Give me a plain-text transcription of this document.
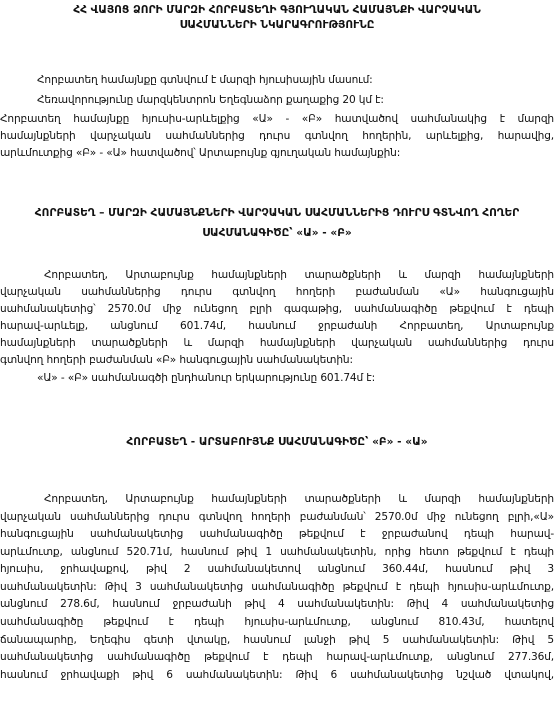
ՀՀ ՎԱՅՈՑ ՁՈՐԻ ՄԱՐԶԻ ՀՈՐԲԱՏԵՂԻ ԳՅՈՒՂԱԿԱՆ ՀԱՄԱՅՆՔԻ ՎԱՐՉԱԿԱՆ
ՍԱՀՄԱՆՆԵՐԻ ՆԿԱՐԱԳՐՈՒԹՅՈՒՆԸ
Հորբատեղ համայնքը գտնվում է մարզի հյուսիսային մասում:
Հեռավորությունը մարզկենտրոն Եղեգնաձոր քաղաքից 20 կմ է:
Հորբատեղ համայնքը հյուսիս-արևելքից «Ա» - «Բ» հատվածով սահմանակից է մարզի
համայնքների վարչական սահմաններից դուրս գտնվող հողերին, արևելքից, հարավից,
արևմուտքից «Բ» - «Ա» հատվածով՝ Արտաբույնք գյուղական համայնքին:
ՀՈՐԲԱՏԵՂ – ՄԱՐԶԻ ՀԱՄԱՅՆՔՆԵՐԻ ՎԱՐՉԱԿԱՆ ՍԱՀՄԱՆՆԵՐԻՑ ԴՈՒՐՍ ԳՏՆՎՈՂ ՀՈՂԵՐ
ՍԱՀՄԱՆԱԳԻԾԸ՝ «Ա» - «Բ»
Հորբատեղ, Արտաբույնք համայնքների տարածքների և մարզի համայնքների
վարչական սահմաններից դուրս գտնվող հողերի բաժանման «Ա» հանգուցային
սահմանակետից՝ 2570.0մ միջ ունեցող բլրի գագաթից, սահմանագիծը թեքվում է դեպի
հարավ-արևելք, անցնում 601.74մ, հասնում ջրբաժանի Հորբատեղ, Արտաբույնք
համայնքների տարածքների և մարզի համայնքների վարչական սահմաններից դուրս
գտնվող հողերի բաժանման «Բ» հանգուցային սահմանակետին:
«Ա» - «Բ» սահմանագծի ընդհանուր երկարությունը 601.74մ է:
ՀՈՐԲԱՏԵՂ - ԱՐՏԱԲՈՒՅՆՔ ՍԱՀՄԱՆԱԳԻԾԸ՝ «Բ» - «Ա»
Հորբատեղ, Արտաբույնք համայնքների տարածքների և մարզի համայնքների
վարչական սահմաններից դուրս գտնվող հողերի բաժանման՝ 2570.0մ միջ ունեցող բլրի,«Ա»
հանգուցային սահմանակետից սահմանագիծը թեքվում է ջրբաժանով դեպի հարավ-
արևմուտք, անցնում 520.71մ, հասնում թիվ 1 սահմանակետին, որից հետո թեքվում է դեպի
հյուսիս, ջրհավաքով, թիվ 2 սահմանակետով անցնում 360.44մ, հասնում թիվ 3
սահմանակետին: Թիվ 3 սահմանակետից սահմանագիծը թեքվում է դեպի հյուսիս-արևմուտք,
անցնում 278.6մ, հասնում ջրբաժանի թիվ 4 սահմանակետին: Թիվ 4 սահմանակետից
սահմանագիծը թեքվում է դեպի հյուսիս-արևմուտք, անցնում 810.43մ, հատելով
ճանապարհը, Եղեգիս գետի վտակը, հասնում լանջի թիվ 5 սահմանակետին: Թիվ 5
սահմանակետից սահմանագիծը թեքվում է դեպի հարավ-արևմուտք, անցնում 277.36մ,
հասնում ջրհավաքի թիվ 6 սահմանակետին: Թիվ 6 սահմանակետից նշված վտակով,
